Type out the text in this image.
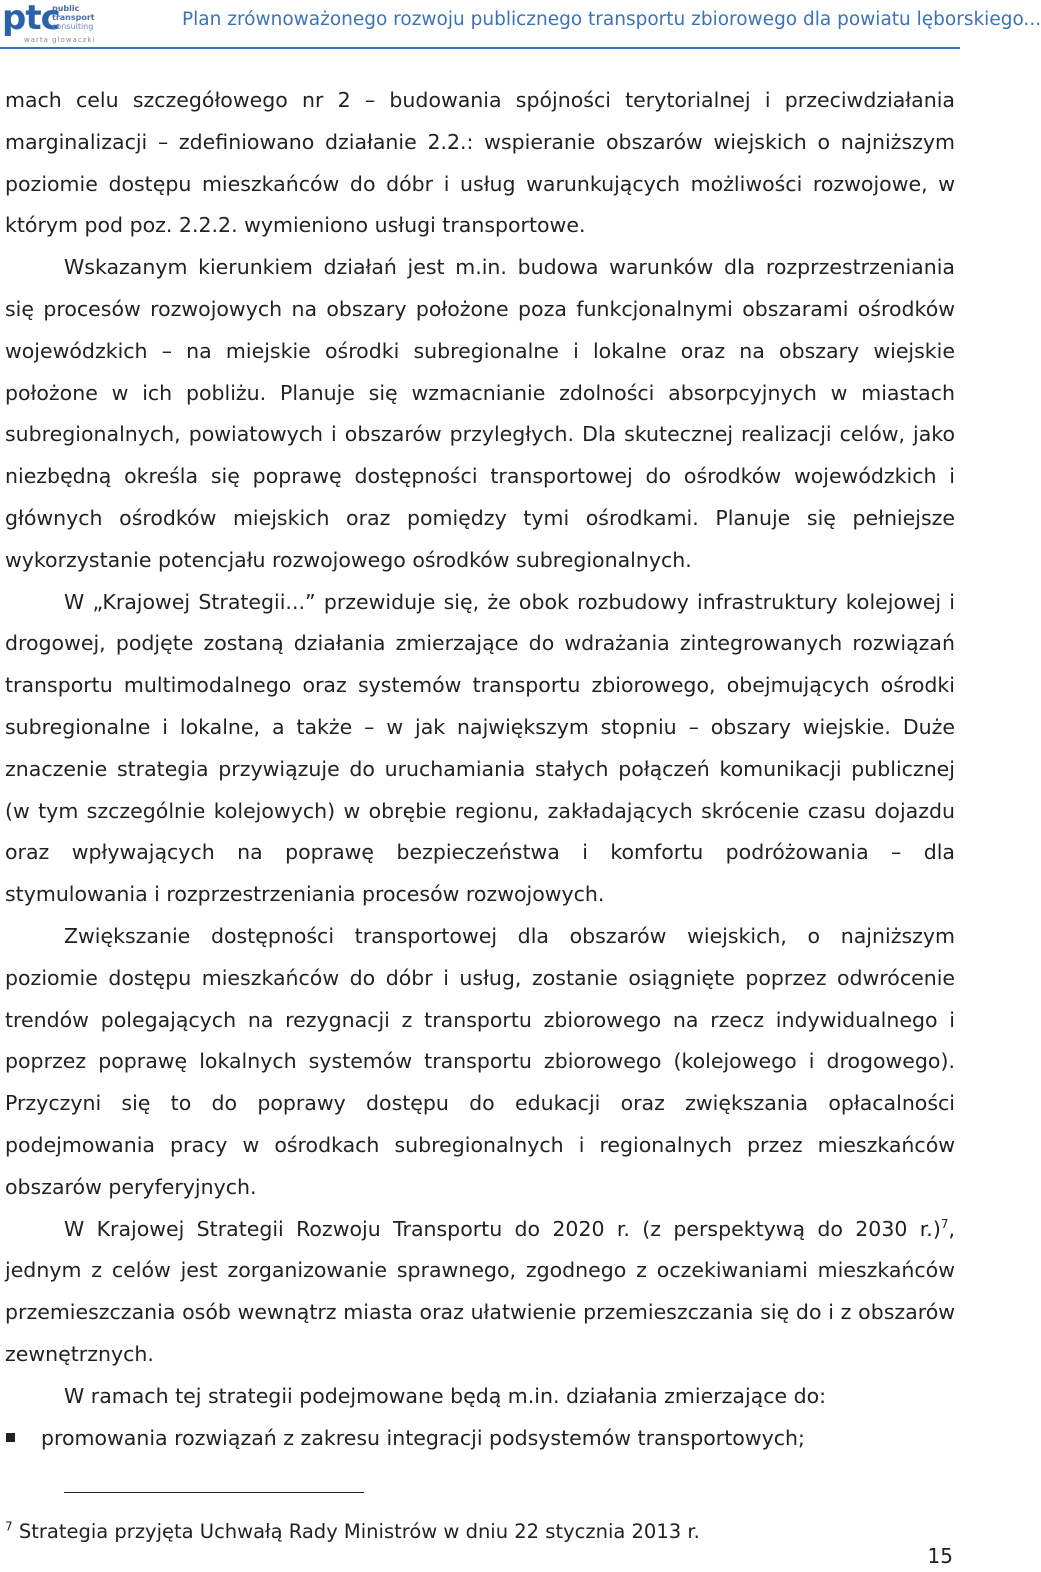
ptc
public
transport
consulting
warta glowaczki
Plan zrównoważonego rozwoju publicznego transportu zbiorowego dla powiatu lęborskiego...

mach celu szczegółowego nr 2 – budowania spójności terytorialnej i przeciwdziałania marginalizacji – zdefiniowano działanie 2.2.: wspieranie obszarów wiejskich o najniższym poziomie dostępu mieszkańców do dóbr i usług warunkujących możliwości rozwojowe, w którym pod poz. 2.2.2. wymieniono usługi transportowe.

Wskazanym kierunkiem działań jest m.in. budowa warunków dla rozprzestrzeniania się procesów rozwojowych na obszary położone poza funkcjonalnymi obszarami ośrodków wojewódzkich – na miejskie ośrodki subregionalne i lokalne oraz na obszary wiejskie położone w ich pobliżu. Planuje się wzmacnianie zdolności absorpcyjnych w miastach subregionalnych, powiatowych i obszarów przyległych. Dla skutecznej realizacji celów, jako niezbędną określa się poprawę dostępności transportowej do ośrodków wojewódzkich i głównych ośrodków miejskich oraz pomiędzy tymi ośrodkami. Planuje się pełniejsze wykorzystanie potencjału rozwojowego ośrodków subregionalnych.

W „Krajowej Strategii...” przewiduje się, że obok rozbudowy infrastruktury kolejowej i drogowej, podjęte zostaną działania zmierzające do wdrażania zintegrowanych rozwiązań transportu multimodalnego oraz systemów transportu zbiorowego, obejmujących ośrodki subregionalne i lokalne, a także – w jak największym stopniu – obszary wiejskie. Duże znaczenie strategia przywiązuje do uruchamiania stałych połączeń komunikacji publicznej (w tym szczególnie kolejowych) w obrębie regionu, zakładających skrócenie czasu dojazdu oraz wpływających na poprawę bezpieczeństwa i komfortu podróżowania – dla stymulowania i rozprzestrzeniania procesów rozwojowych.

Zwiększanie dostępności transportowej dla obszarów wiejskich, o najniższym poziomie dostępu mieszkańców do dóbr i usług, zostanie osiągnięte poprzez odwrócenie trendów polegających na rezygnacji z transportu zbiorowego na rzecz indywidualnego i poprzez poprawę lokalnych systemów transportu zbiorowego (kolejowego i drogowego). Przyczyni się to do poprawy dostępu do edukacji oraz zwiększania opłacalności podejmowania pracy w ośrodkach subregionalnych i regionalnych przez mieszkańców obszarów peryferyjnych.

W Krajowej Strategii Rozwoju Transportu do 2020 r. (z perspektywą do 2030 r.)$^7$, jednym z celów jest zorganizowanie sprawnego, zgodnego z oczekiwaniami mieszkańców przemieszczania osób wewnątrz miasta oraz ułatwienie przemieszczania się do i z obszarów zewnętrznych.

W ramach tej strategii podejmowane będą m.in. działania zmierzające do:

promowania rozwiązań z zakresu integracji podsystemów transportowych;
$^7$ Strategia przyjęta Uchwałą Rady Ministrów w dniu 22 stycznia 2013 r.
15
